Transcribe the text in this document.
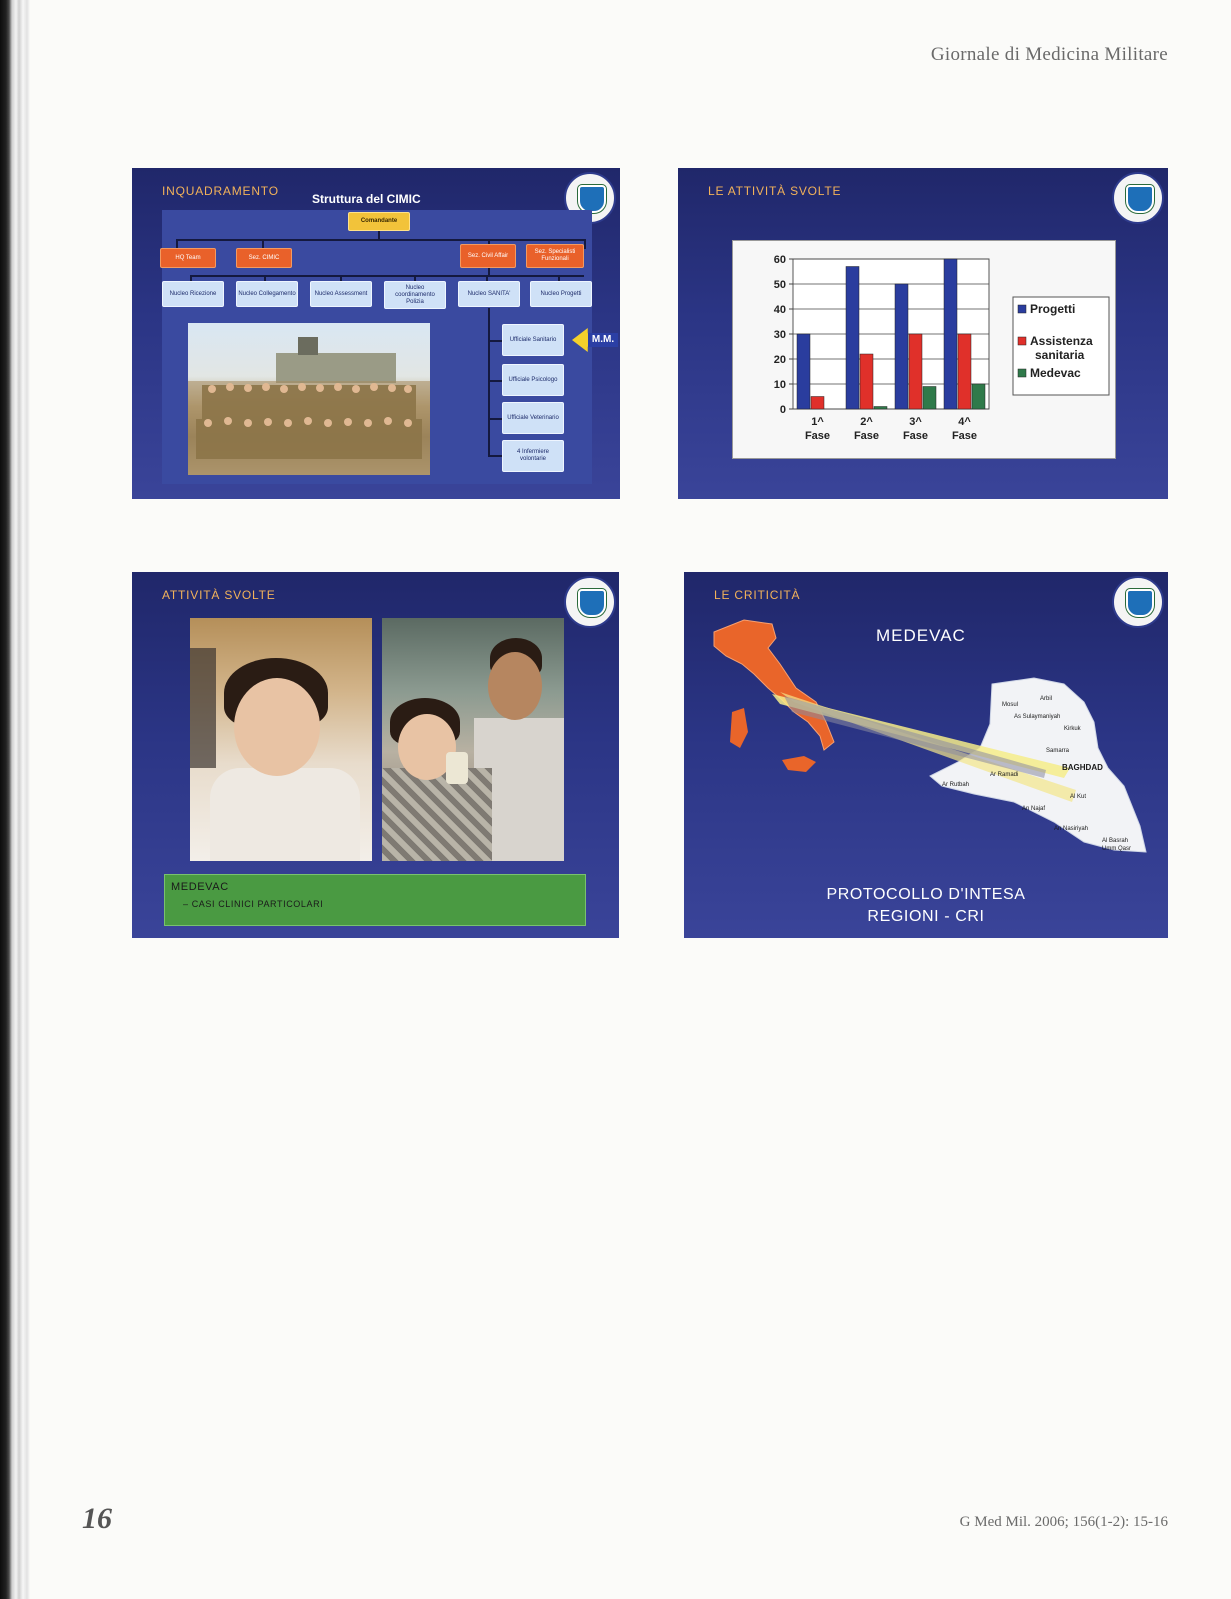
Giornale di Medicina Militare
INQUADRAMENTO
Struttura del CIMIC
Comandante
HQ Team	Sez. CIMIC	Sez. Civil Affair
Sez. Specialisti Funzionali
Nucleo Ricezione	Nucleo Collegamento	Nucleo Assessment
Nucleo coordinamento Polizia
Nucleo SANITA'	Nucleo Progetti
Ufficiale Sanitario
Ufficiale Psicologo
Ufficiale Veterinario
4 Infermiere volontarie
M.M.
LE ATTIVITÀ SVOLTE
0
10
20
30
40
50
60
1^
Fase
2^
Fase
3^
Fase
4^
Fase
Progetti
Assistenza
sanitaria
Medevac
ATTIVITÀ SVOLTE
MEDEVAC
– CASI CLINICI PARTICOLARI
LE CRITICITÀ
MEDEVAC
Mosul
Arbil
As Sulaymaniyah
Kirkuk
Samarra
BAGHDAD
Ar Rutbah
Ar Ramadi
Al Kut
An Najaf
An Nasiriyah
Al Basrah
Umm Qasr
PROTOCOLLO D'INTESA
REGIONI - CRI
16	G Med Mil. 2006; 156(1-2): 15-16
